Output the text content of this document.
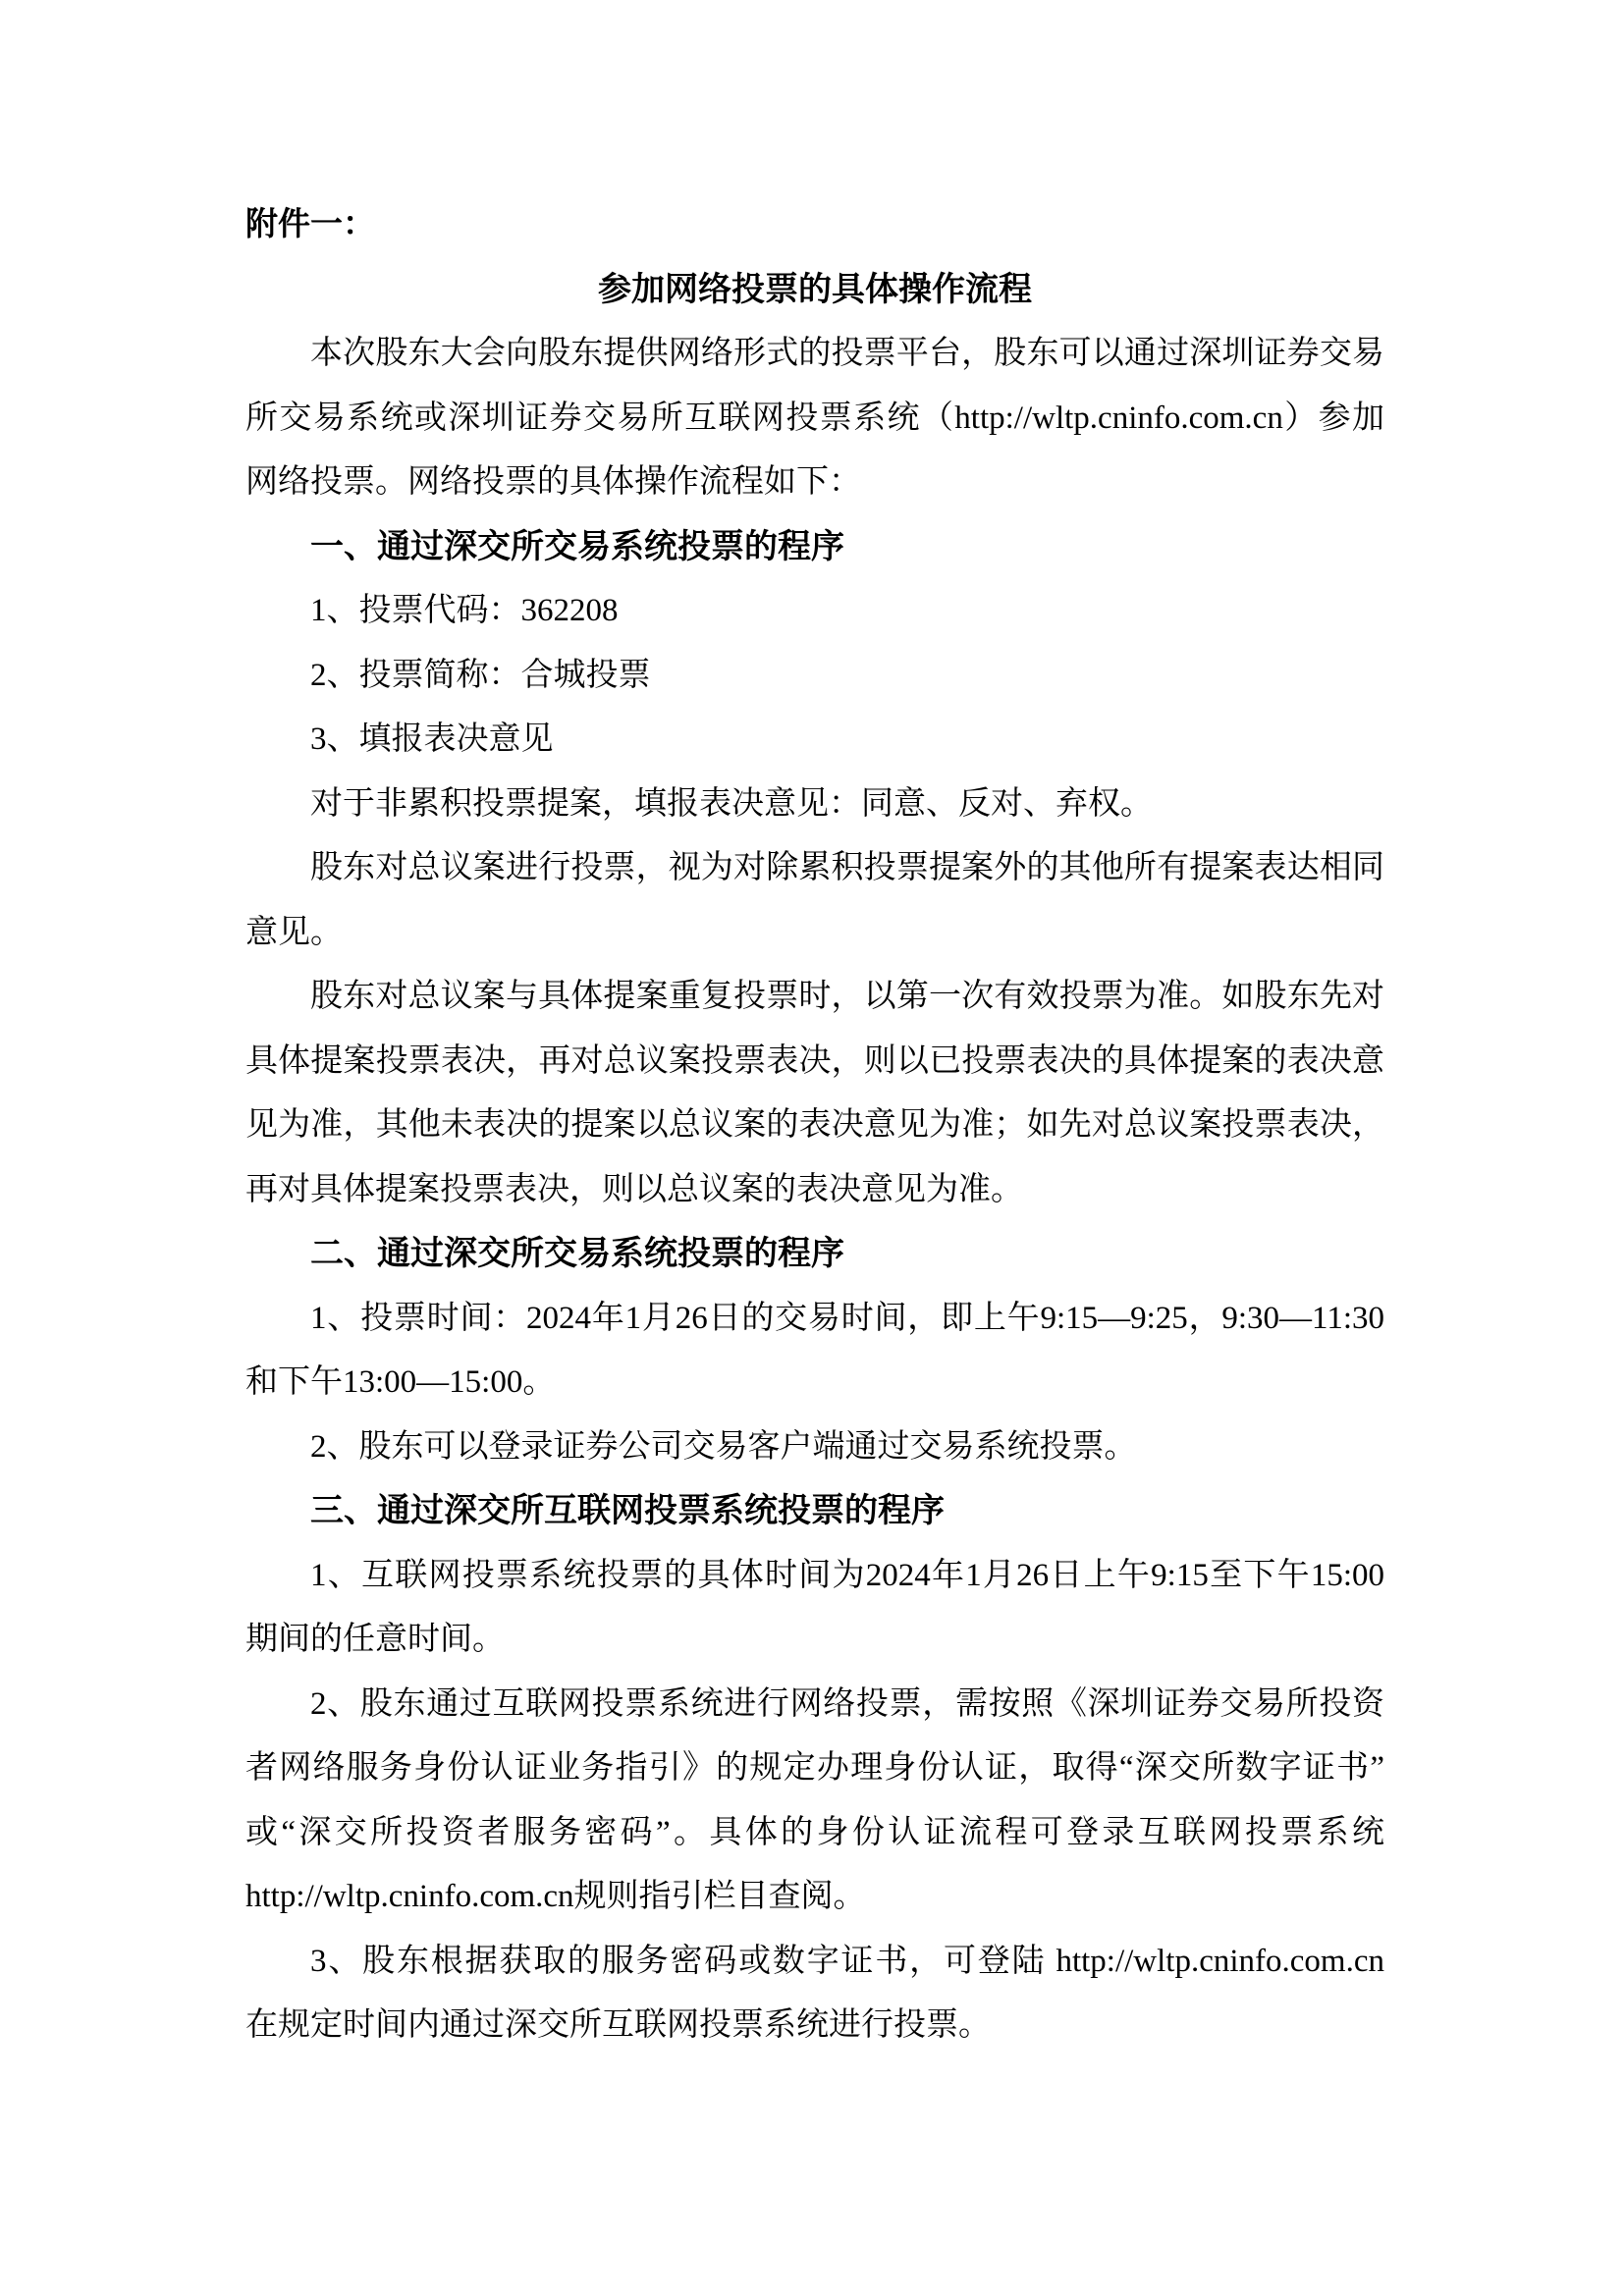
附件一：
参加网络投票的具体操作流程
本次股东大会向股东提供网络形式的投票平台，股东可以通过深圳证券交易
所交易系统或深圳证券交易所互联网投票系统（http://wltp.cninfo.com.cn）参加
网络投票。网络投票的具体操作流程如下：
一、通过深交所交易系统投票的程序
1、投票代码：362208
2、投票简称：合城投票
3、填报表决意见
对于非累积投票提案，填报表决意见：同意、反对、弃权。
股东对总议案进行投票，视为对除累积投票提案外的其他所有提案表达相同
意见。
股东对总议案与具体提案重复投票时，以第一次有效投票为准。如股东先对
具体提案投票表决，再对总议案投票表决，则以已投票表决的具体提案的表决意
见为准，其他未表决的提案以总议案的表决意见为准；如先对总议案投票表决，
再对具体提案投票表决，则以总议案的表决意见为准。
二、通过深交所交易系统投票的程序
1、投票时间：2024年1月26日的交易时间，即上午9:15—9:25，9:30—11:30
和下午13:00—15:00。
2、股东可以登录证券公司交易客户端通过交易系统投票。
三、通过深交所互联网投票系统投票的程序
1、互联网投票系统投票的具体时间为2024年1月26日上午9:15至下午15:00
期间的任意时间。
2、股东通过互联网投票系统进行网络投票，需按照《深圳证券交易所投资
者网络服务身份认证业务指引》的规定办理身份认证，取得“深交所数字证书”
或“深交所投资者服务密码”。具体的身份认证流程可登录互联网投票系统
http://wltp.cninfo.com.cn规则指引栏目查阅。
3、股东根据获取的服务密码或数字证书，可登陆 http://wltp.cninfo.com.cn
在规定时间内通过深交所互联网投票系统进行投票。
